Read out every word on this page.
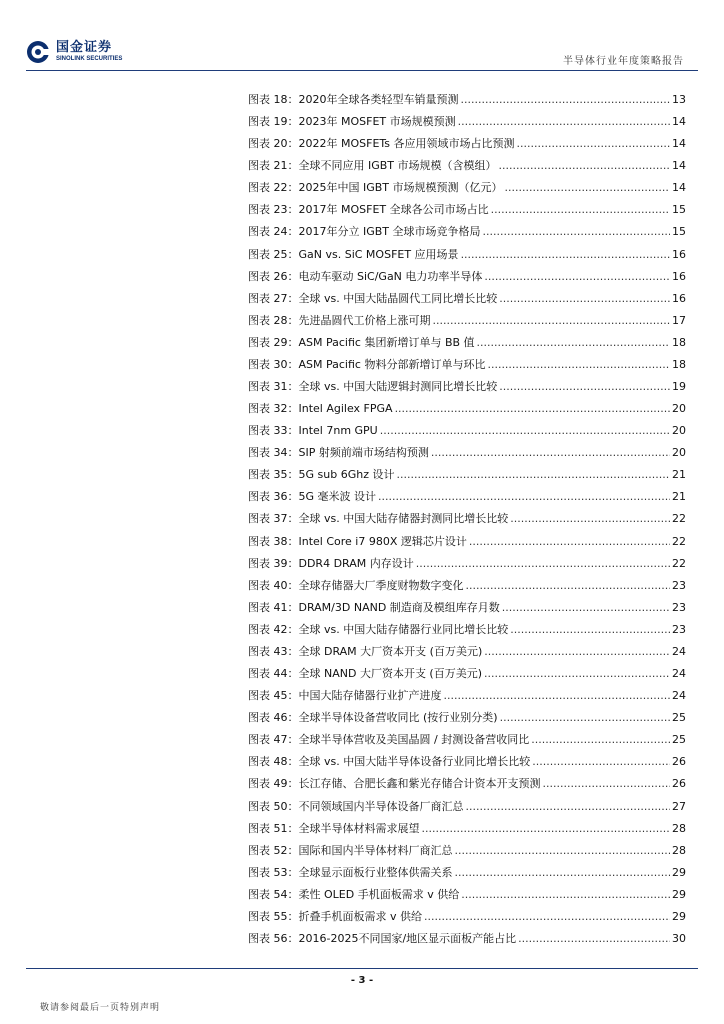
国金证券
SINOLINK SECURITIES	半导体行业年度策略报告
图表 18：2020年全球各类轻型车销量预测 .....	13
图表 19：2023年 MOSFET 市场规模预测 .....	14
图表 20：2022年 MOSFETs 各应用领域市场占比预测 .....	14
图表 21：全球不同应用 IGBT 市场规模（含模组） .....	14
图表 22：2025年中国 IGBT 市场规模预测（亿元） .....	14
图表 23：2017年 MOSFET 全球各公司市场占比 .....	15
图表 24：2017年分立 IGBT 全球市场竞争格局 .....	15
图表 25：GaN vs. SiC MOSFET 应用场景 .....	16
图表 26：电动车驱动 SiC/GaN 电力功率半导体 .....	16
图表 27：全球 vs. 中国大陆晶圆代工同比增长比较 .....	16
图表 28：先进晶圆代工价格上涨可期 .....	17
图表 29：ASM Pacific 集团新增订单与 BB 值 .....	18
图表 30：ASM Pacific 物料分部新增订单与环比 .....	18
图表 31：全球 vs. 中国大陆逻辑封测同比增长比较 .....	19
图表 32：Intel Agilex FPGA .....	20
图表 33：Intel 7nm GPU .....	20
图表 34：SIP 射频前端市场结构预测 .....	20
图表 35：5G sub 6Ghz 设计 .....	21
图表 36：5G 毫米波 设计 .....	21
图表 37：全球 vs. 中国大陆存储器封测同比增长比较 .....	22
图表 38：Intel Core i7 980X 逻辑芯片设计 .....	22
图表 39：DDR4 DRAM 内存设计 .....	22
图表 40：全球存储器大厂季度财物数字变化 .....	23
图表 41：DRAM/3D NAND 制造商及模组库存月数 .....	23
图表 42：全球 vs. 中国大陆存储器行业同比增长比较 .....	23
图表 43：全球 DRAM 大厂资本开支 (百万美元) .....	24
图表 44：全球 NAND 大厂资本开支 (百万美元) .....	24
图表 45：中国大陆存储器行业扩产进度 .....	24
图表 46：全球半导体设备营收同比 (按行业别分类) .....	25
图表 47：全球半导体营收及美国晶圆 / 封测设备营收同比 .....	25
图表 48：全球 vs. 中国大陆半导体设备行业同比增长比较 .....	26
图表 49：长江存储、合肥长鑫和紫光存储合计资本开支预测 .....	26
图表 50：不同领域国内半导体设备厂商汇总 .....	27
图表 51：全球半导体材料需求展望 .....	28
图表 52：国际和国内半导体材料厂商汇总 .....	28
图表 53：全球显示面板行业整体供需关系 .....	29
图表 54：柔性 OLED 手机面板需求 v 供给 .....	29
图表 55：折叠手机面板需求 v 供给 .....	29
图表 56：2016-2025不同国家/地区显示面板产能占比 .....	30
- 3 -
敬请参阅最后一页特别声明
